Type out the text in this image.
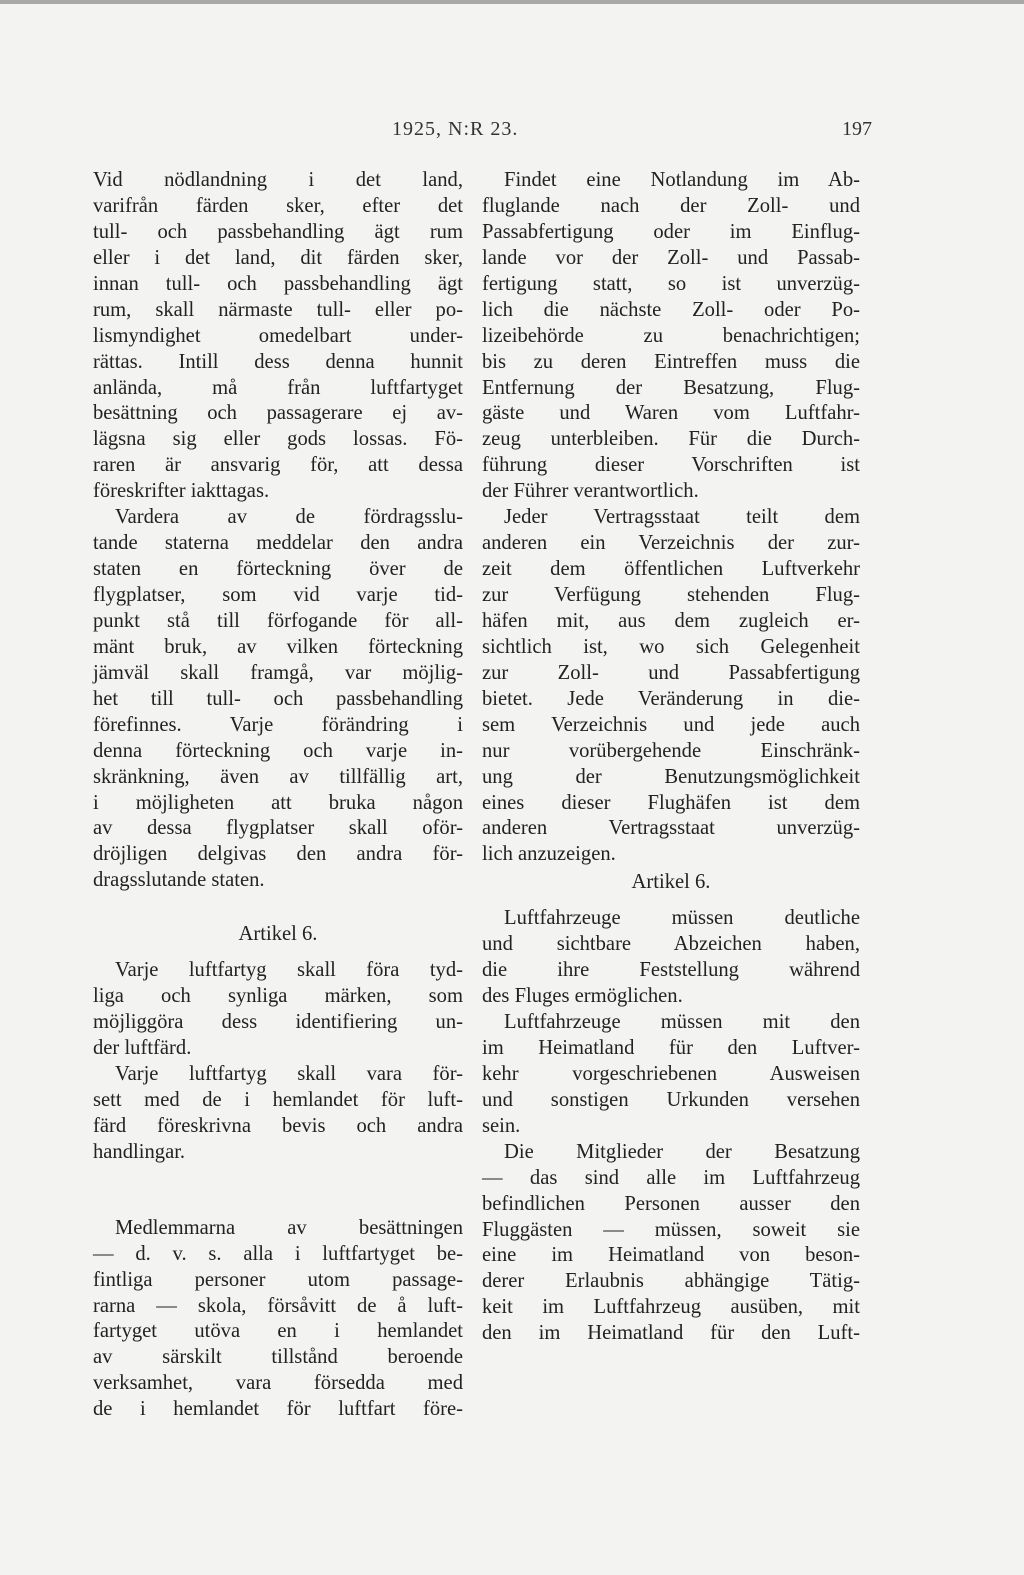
1925, N:R 23.	197
Vid nödlandning i det land,
varifrån färden sker, efter det
tull- och passbehandling ägt rum
eller i det land, dit färden sker,
innan tull- och passbehandling ägt
rum, skall närmaste tull- eller po-
lismyndighet omedelbart under-
rättas. Intill dess denna hunnit
anlända, må från luftfartyget
besättning och passagerare ej av-
lägsna sig eller gods lossas. Fö-
raren är ansvarig för, att dessa
föreskrifter iakttagas.
Vardera av de fördragsslu-
tande staterna meddelar den andra
staten en förteckning över de
flygplatser, som vid varje tid-
punkt stå till förfogande för all-
mänt bruk, av vilken förteckning
jämväl skall framgå, var möjlig-
het till tull- och passbehandling
förefinnes. Varje förändring i
denna förteckning och varje in-
skränkning, även av tillfällig art,
i möjligheten att bruka någon
av dessa flygplatser skall oför-
dröjligen delgivas den andra för-
dragsslutande staten.
Artikel 6.
Varje luftfartyg skall föra tyd-
liga och synliga märken, som
möjliggöra dess identifiering un-
der luftfärd.
Varje luftfartyg skall vara för-
sett med de i hemlandet för luft-
färd föreskrivna bevis och andra
handlingar.
Medlemmarna av besättningen
— d. v. s. alla i luftfartyget be-
fintliga personer utom passage-
rarna — skola, försåvitt de å luft-
fartyget utöva en i hemlandet
av särskilt tillstånd beroende
verksamhet, vara försedda med
de i hemlandet för luftfart före-
Findet eine Notlandung im Ab-
fluglande nach der Zoll- und
Passabfertigung oder im Einflug-
lande vor der Zoll- und Passab-
fertigung statt, so ist unverzüg-
lich die nächste Zoll- oder Po-
lizeibehörde zu benachrichtigen;
bis zu deren Eintreffen muss die
Entfernung der Besatzung, Flug-
gäste und Waren vom Luftfahr-
zeug unterbleiben. Für die Durch-
führung dieser Vorschriften ist
der Führer verantwortlich.
Jeder Vertragsstaat teilt dem
anderen ein Verzeichnis der zur-
zeit dem öffentlichen Luftverkehr
zur Verfügung stehenden Flug-
häfen mit, aus dem zugleich er-
sichtlich ist, wo sich Gelegenheit
zur Zoll- und Passabfertigung
bietet. Jede Veränderung in die-
sem Verzeichnis und jede auch
nur vorübergehende Einschränk-
ung der Benutzungsmöglichkeit
eines dieser Flughäfen ist dem
anderen Vertragsstaat unverzüg-
lich anzuzeigen.
Artikel 6.
Luftfahrzeuge müssen deutliche
und sichtbare Abzeichen haben,
die ihre Feststellung während
des Fluges ermöglichen.
Luftfahrzeuge müssen mit den
im Heimatland für den Luftver-
kehr vorgeschriebenen Ausweisen
und sonstigen Urkunden versehen
sein.
Die Mitglieder der Besatzung
— das sind alle im Luftfahrzeug
befindlichen Personen ausser den
Fluggästen — müssen, soweit sie
eine im Heimatland von beson-
derer Erlaubnis abhängige Tätig-
keit im Luftfahrzeug ausüben, mit
den im Heimatland für den Luft-
